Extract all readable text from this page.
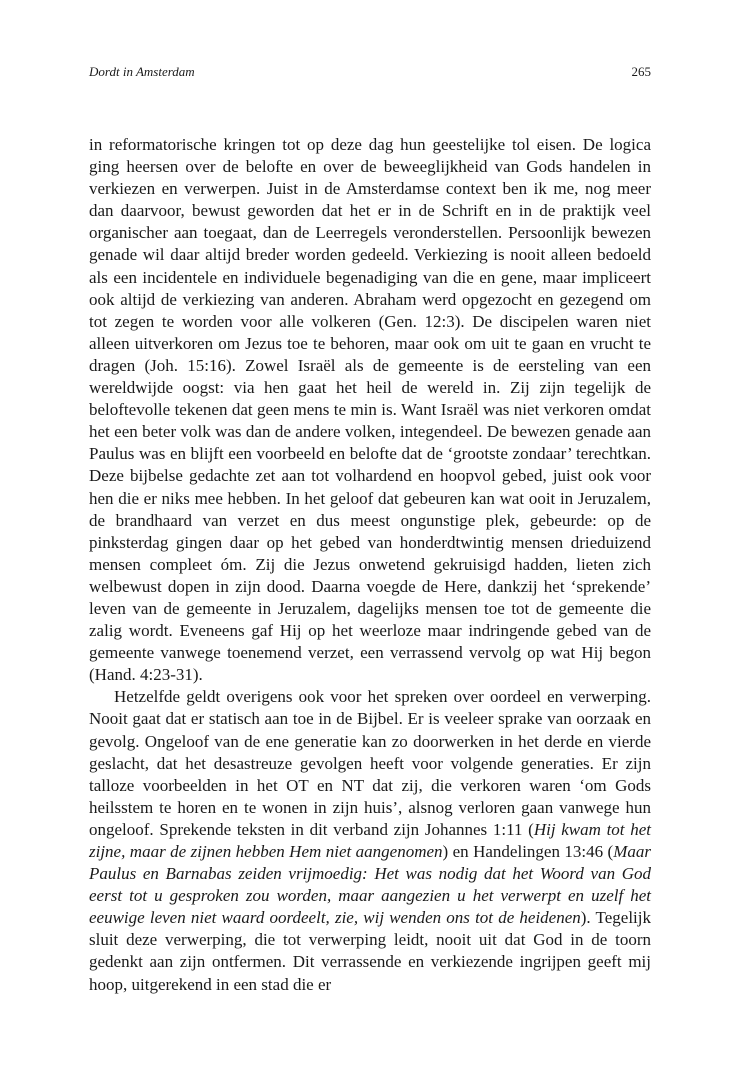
Dordt in Amsterdam	265

in reformatorische kringen tot op deze dag hun geestelijke tol eisen. De logica ging heersen over de belofte en over de beweeglijkheid van Gods handelen in verkiezen en verwerpen. Juist in de Amsterdamse context ben ik me, nog meer dan daarvoor, bewust geworden dat het er in de Schrift en in de praktijk veel organischer aan toegaat, dan de Leerregels veronderstellen. Persoonlijk bewezen genade wil daar altijd breder worden gedeeld. Verkiezing is nooit alleen bedoeld als een incidentele en individuele begenadiging van die en gene, maar impliceert ook altijd de verkiezing van anderen. Abraham werd opgezocht en gezegend om tot zegen te worden voor alle volkeren (Gen. 12:3). De discipelen waren niet alleen uitverkoren om Jezus toe te behoren, maar ook om uit te gaan en vrucht te dragen (Joh. 15:16). Zowel Israël als de gemeente is de eersteling van een wereldwijde oogst: via hen gaat het heil de wereld in. Zij zijn tegelijk de beloftevolle tekenen dat geen mens te min is. Want Israël was niet verkoren omdat het een beter volk was dan de andere volken, integendeel. De bewezen genade aan Paulus was en blijft een voorbeeld en belofte dat de ‘grootste zondaar’ terechtkan. Deze bijbelse gedachte zet aan tot volhardend en hoopvol gebed, juist ook voor hen die er niks mee hebben. In het geloof dat gebeuren kan wat ooit in Jeruzalem, de brandhaard van verzet en dus meest ongunstige plek, gebeurde: op de pinksterdag gingen daar op het gebed van honderdtwintig mensen drieduizend mensen compleet óm. Zij die Jezus onwetend gekruisigd hadden, lieten zich welbewust dopen in zijn dood. Daarna voegde de Here, dankzij het ‘sprekende’ leven van de gemeente in Jeruzalem, dagelijks mensen toe tot de gemeente die zalig wordt. Eveneens gaf Hij op het weerloze maar indringende gebed van de gemeente vanwege toenemend verzet, een verrassend vervolg op wat Hij begon (Hand. 4:23-31).

Hetzelfde geldt overigens ook voor het spreken over oordeel en verwerping. Nooit gaat dat er statisch aan toe in de Bijbel. Er is veeleer sprake van oorzaak en gevolg. Ongeloof van de ene generatie kan zo doorwerken in het derde en vierde geslacht, dat het desastreuze gevolgen heeft voor volgende generaties. Er zijn talloze voorbeelden in het OT en NT dat zij, die verkoren waren ‘om Gods heilsstem te horen en te wonen in zijn huis’, alsnog verloren gaan vanwege hun ongeloof. Sprekende teksten in dit verband zijn Johannes 1:11 (Hij kwam tot het zijne, maar de zijnen hebben Hem niet aangenomen) en Handelingen 13:46 (Maar Paulus en Barnabas zeiden vrijmoedig: Het was nodig dat het Woord van God eerst tot u gesproken zou worden, maar aangezien u het verwerpt en uzelf het eeuwige leven niet waard oordeelt, zie, wij wenden ons tot de heidenen). Tegelijk sluit deze verwerping, die tot verwerping leidt, nooit uit dat God in de toorn gedenkt aan zijn ontfermen. Dit verrassende en verkiezende ingrijpen geeft mij hoop, uitgerekend in een stad die er
